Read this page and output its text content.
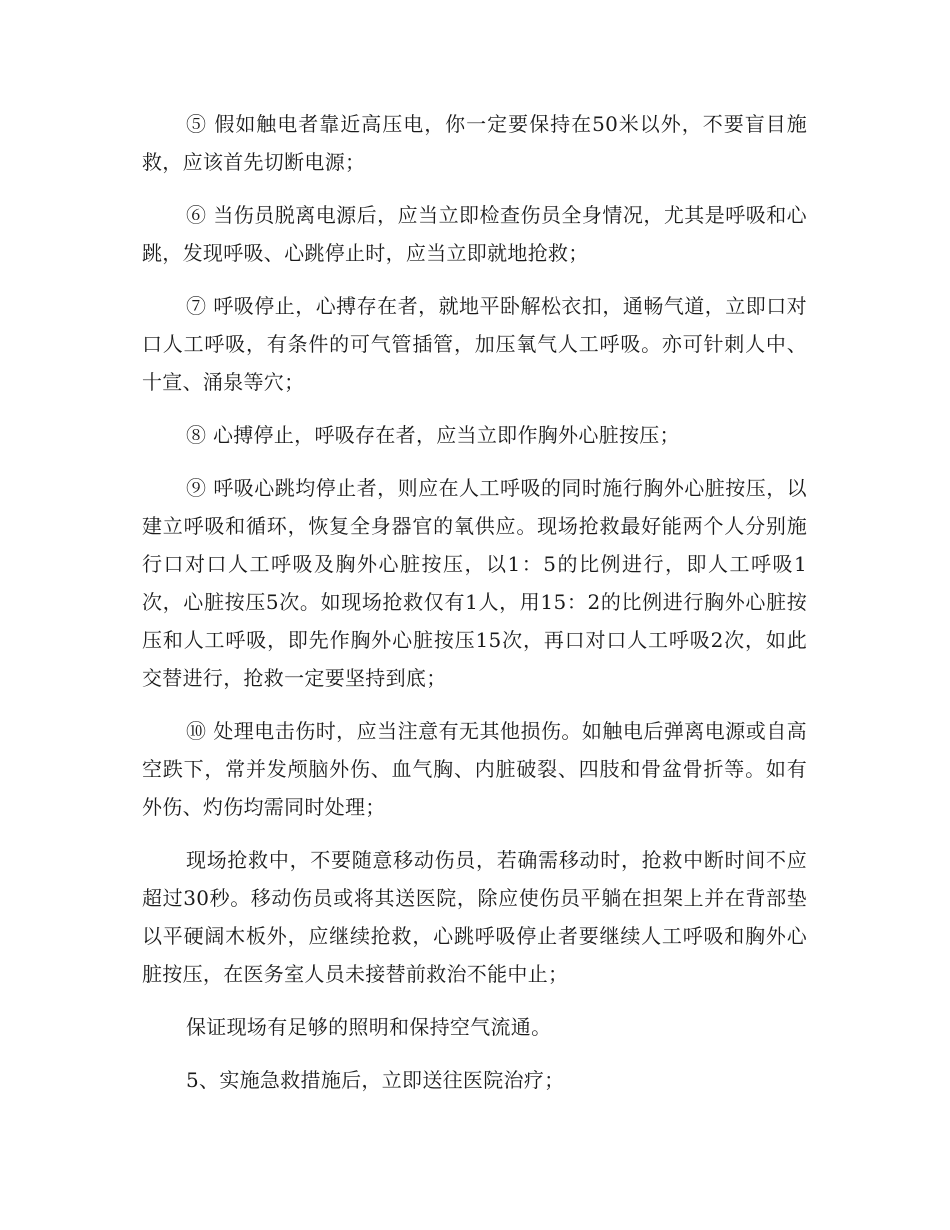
⑤ 假如触电者靠近高压电，你一定要保持在50米以外，不要盲目施救，应该首先切断电源；

⑥ 当伤员脱离电源后，应当立即检查伤员全身情况，尤其是呼吸和心跳，发现呼吸、心跳停止时，应当立即就地抢救；

⑦ 呼吸停止，心搏存在者，就地平卧解松衣扣，通畅气道，立即口对口人工呼吸，有条件的可气管插管，加压氧气人工呼吸。亦可针刺人中、十宣、涌泉等穴；

⑧ 心搏停止，呼吸存在者，应当立即作胸外心脏按压；

⑨ 呼吸心跳均停止者，则应在人工呼吸的同时施行胸外心脏按压，以建立呼吸和循环，恢复全身器官的氧供应。现场抢救最好能两个人分别施行口对口人工呼吸及胸外心脏按压，以1：5的比例进行，即人工呼吸1次，心脏按压5次。如现场抢救仅有1人，用15：2的比例进行胸外心脏按压和人工呼吸，即先作胸外心脏按压15次，再口对口人工呼吸2次，如此交替进行，抢救一定要坚持到底；

⑩ 处理电击伤时，应当注意有无其他损伤。如触电后弹离电源或自高空跌下，常并发颅脑外伤、血气胸、内脏破裂、四肢和骨盆骨折等。如有外伤、灼伤均需同时处理；

现场抢救中，不要随意移动伤员，若确需移动时，抢救中断时间不应超过30秒。移动伤员或将其送医院，除应使伤员平躺在担架上并在背部垫以平硬阔木板外，应继续抢救，心跳呼吸停止者要继续人工呼吸和胸外心脏按压，在医务室人员未接替前救治不能中止；

保证现场有足够的照明和保持空气流通。

5、实施急救措施后，立即送往医院治疗；
